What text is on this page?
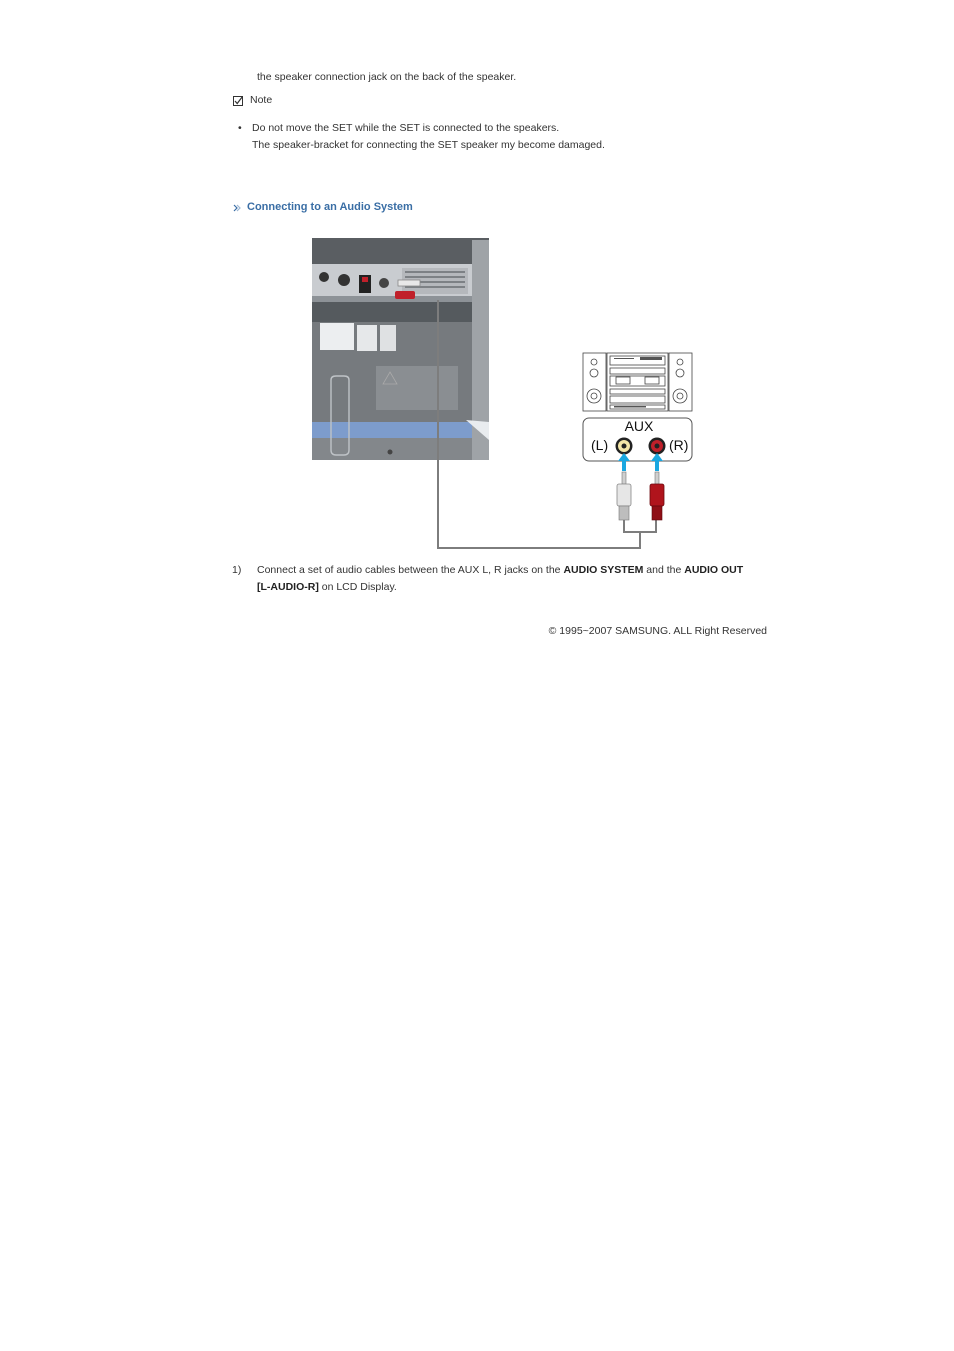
the speaker connection jack on the back of the speaker.
Note
• Do not move the SET while the SET is connected to the speakers.
The speaker-bracket for connecting the SET speaker my become damaged.
Connecting to an Audio System
AUX
(L)	(R)
1) Connect a set of audio cables between the AUX L, R jacks on the AUDIO SYSTEM and the AUDIO OUT
[L-AUDIO-R] on LCD Display.
© 1995~2007 SAMSUNG. ALL Right Reserved
